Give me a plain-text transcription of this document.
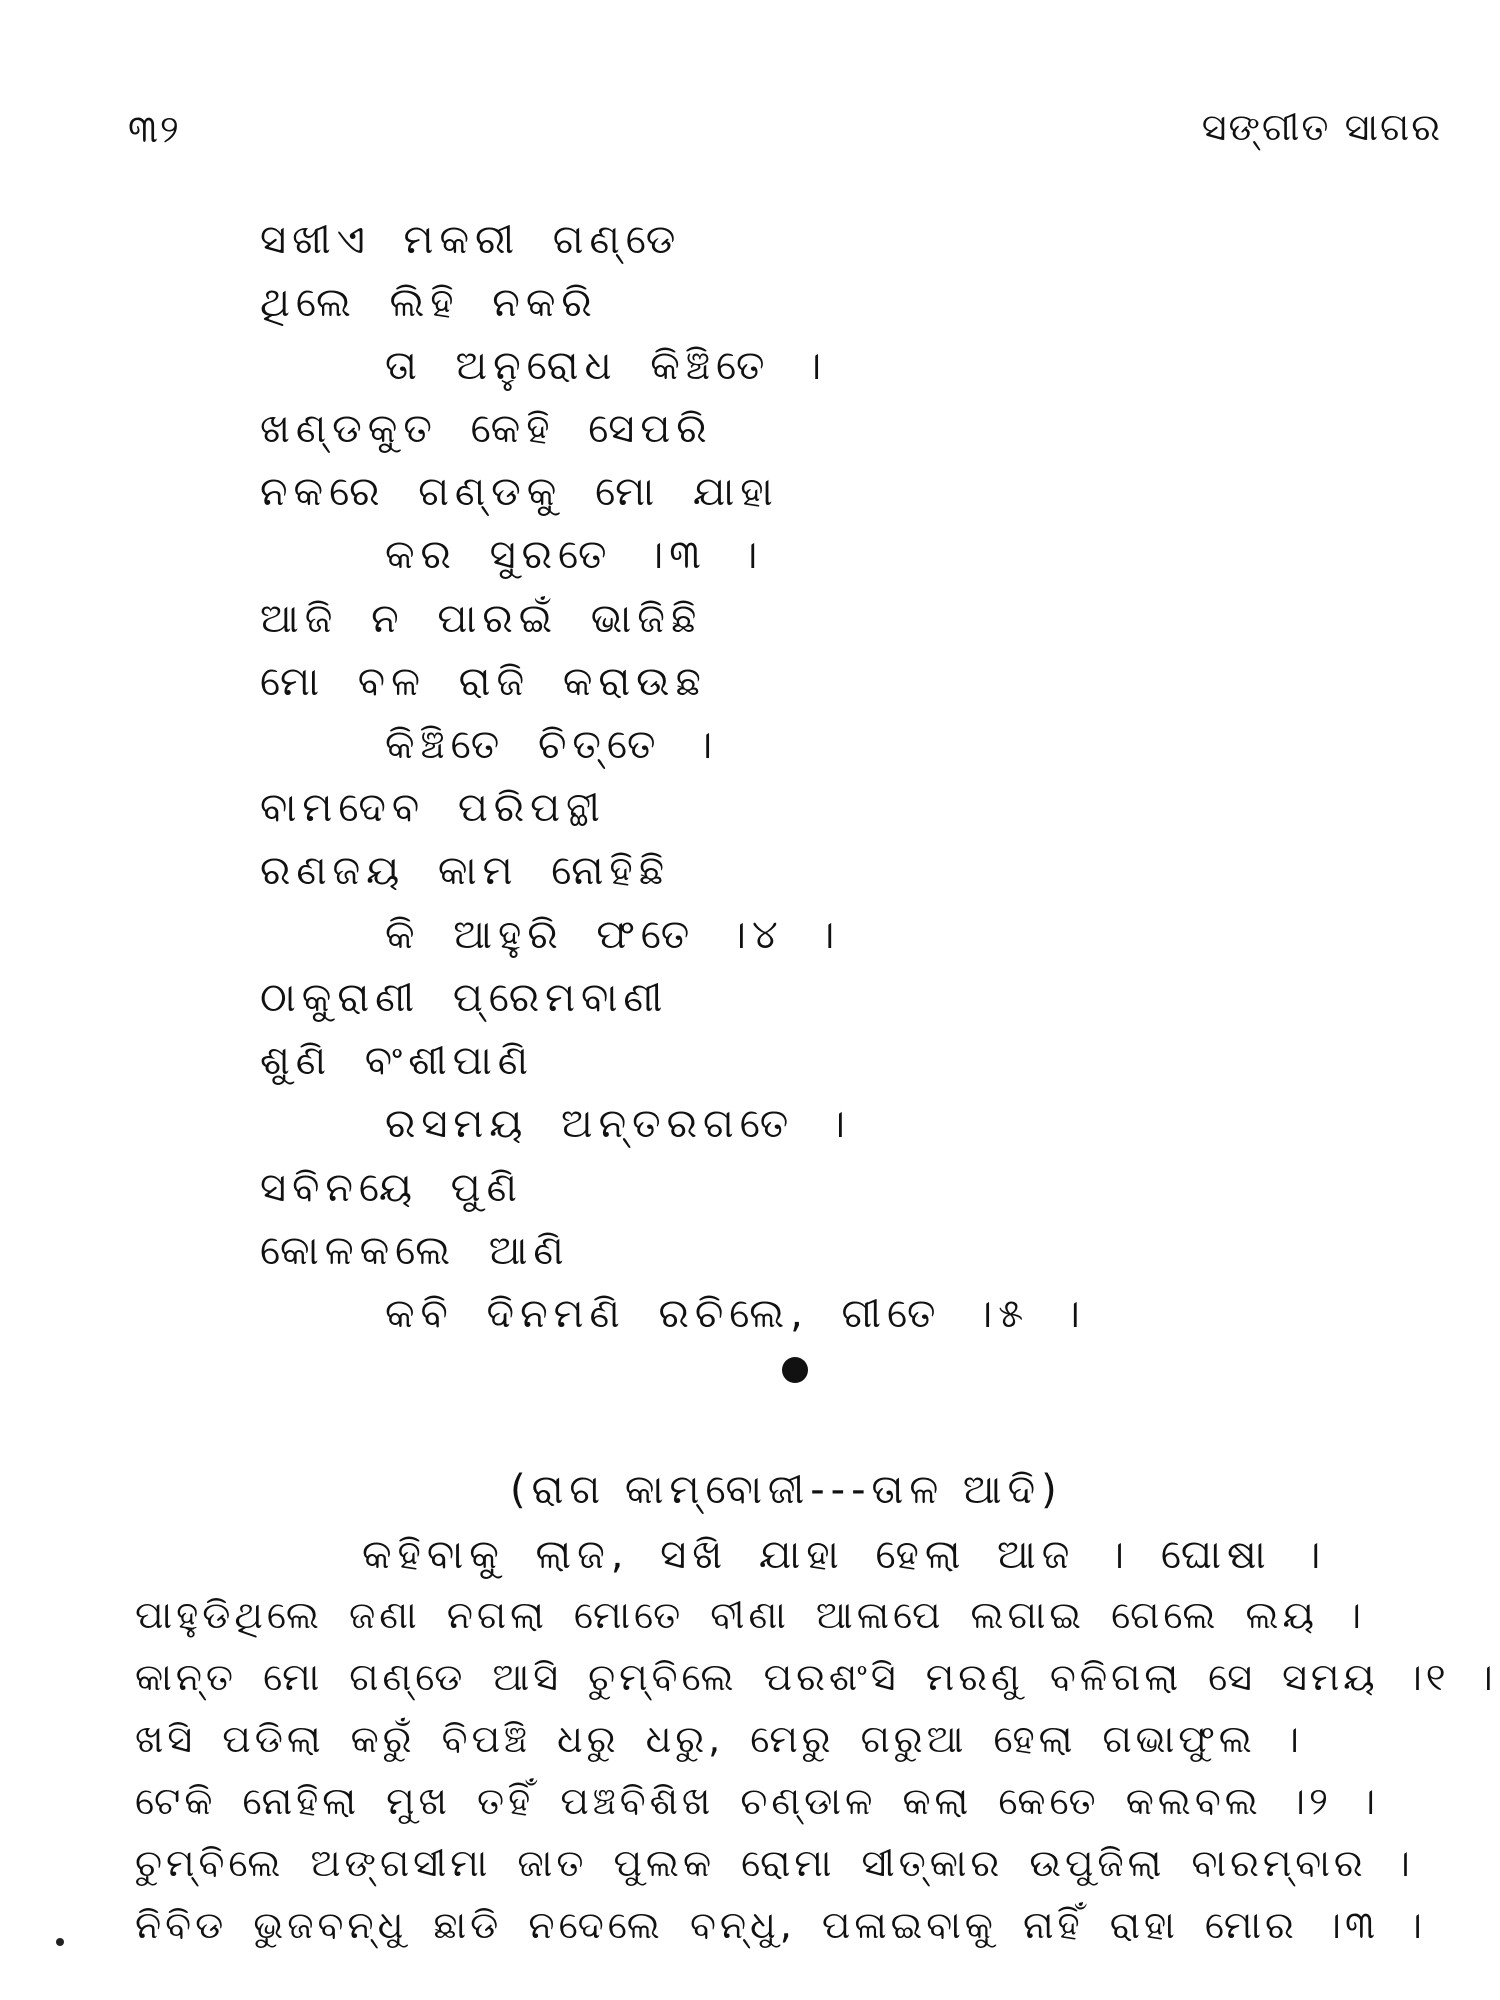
୩୨	ସଙ୍ଗୀତ ସାଗର
ସଖୀଏ ମକରୀ ଗଣ୍ଡେ
ଥିଲେ ଲିହି ନକରି
ତା ଅନୁରୋଧ କିଞ୍ଚିତେ ।
ଖଣ୍ଡକୁତ କେହି ସେପରି
ନକରେ ଗଣ୍ଡକୁ ମୋ ଯାହା
କର ସୁରତେ ।୩ ।
ଆଜି ନ ପାରଇଁ ଭାଜିଛି
ମୋ ବଳ ରାଜି କରାଉଛ
କିଞ୍ଚିତେ ଚିତ୍ତେ ।
ବାମଦେବ ପରିପନ୍ଥୀ
ରଣଜୟ କାମ ନୋହିଛି
କି ଆହୁରି ଫତେ ।୪ ।
ଠାକୁରାଣୀ ପ୍ରେମବାଣୀ
ଶୁଣି ବଂଶୀପାଣି
ରସମୟ ଅନ୍ତରଗତେ ।
ସବିନୟେ ପୁଣି
କୋଳକଲେ ଆଣି
କବି ଦିନମଣି ରଚିଲେ, ଗୀତେ ।୫ ।
(ରାଗ କାମ୍ବୋଜୀ---ତାଳ ଆଦି)
କହିବାକୁ ଲାଜ, ସଖି ଯାହା ହେଲା ଆଜ । ଘୋଷା ।
ପାହୁଡିଥିଲେ ଜଣା ନଗଲା ମୋତେ ବୀଣା ଆଳାପେ ଲଗାଇ ଗେଲେ ଲୟ ।
କାନ୍ତ ମୋ ଗଣ୍ଡେ ଆସି ଚୁମ୍ବିଲେ ପରଶଂସି ମରଣୁ ବଳିଗଲା ସେ ସମୟ ।୧ ।
ଖସି ପଡିଲା କରୁଁ ବିପଞ୍ଚି ଧରୁ ଧରୁ, ମେରୁ ଗରୁଆ ହେଲା ଗଭାଫୁଲ ।
ଟେକି ନୋହିଲା ମୁଖ ତହିଁ ପଞ୍ଚବିଶିଖ ଚଣ୍ଡାଳ କଲା କେତେ କଲବଲ ।୨ ।
ଚୁମ୍ବିଲେ ଅଙ୍ଗସୀମା ଜାତ ପୁଲକ ରୋମା ସୀତ୍କାର ଉପୁଜିଲା ବାରମ୍ବାର ।
ନିବିଡ ଭୁଜବନ୍ଧୁ ଛାଡି ନଦେଲେ ବନ୍ଧୁ, ପଳାଇବାକୁ ନାହିଁ ରାହା ମୋର ।୩ ।
